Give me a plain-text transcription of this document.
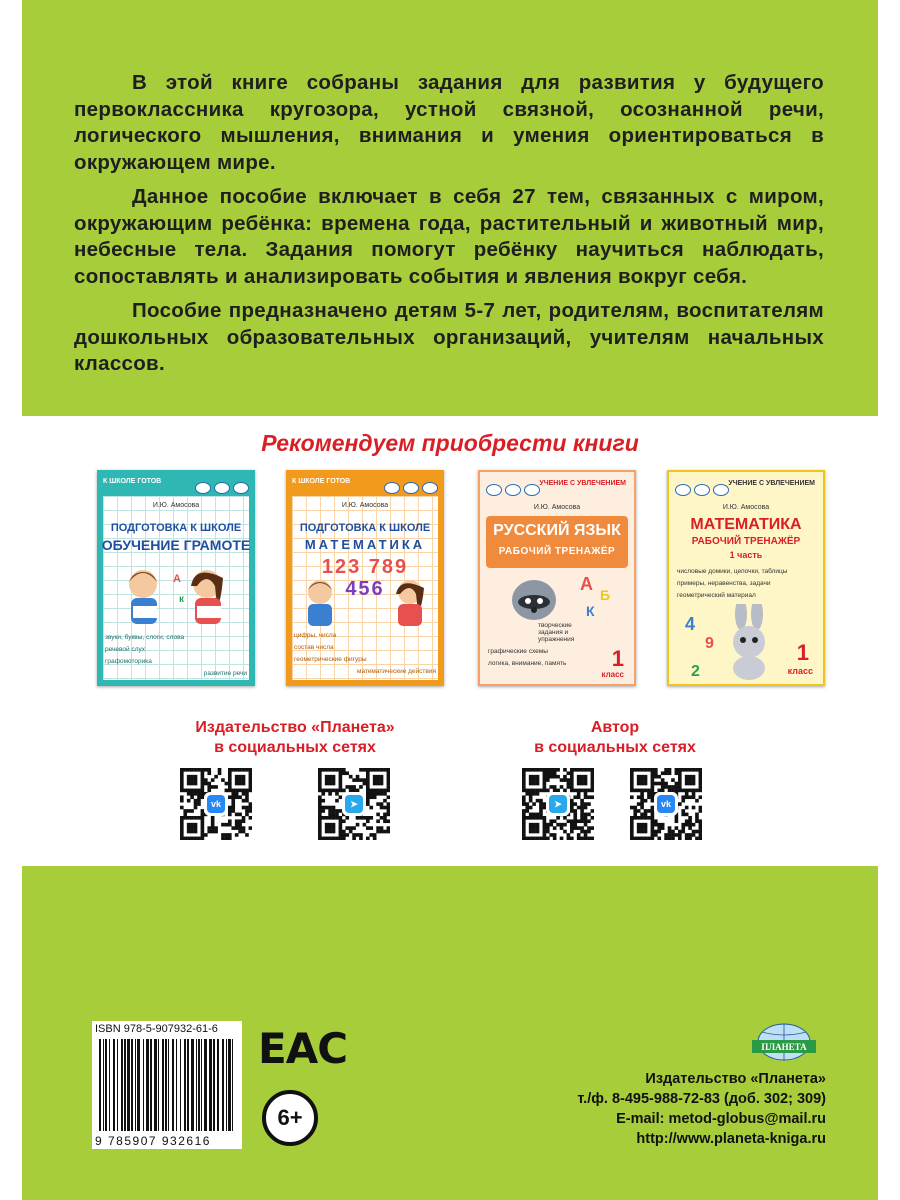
В этой книге собраны задания для развития у будущего первоклассника кругозора, устной связной, осознанной речи, логического мышления, внимания и умения ориентироваться в окружающем мире.

Данное пособие включает в себя 27 тем, связанных с миром, окружающим ребёнка: времена года, растительный и животный мир, небесные тела. Задания помогут ребёнку научиться наблюдать, сопоставлять и анализировать события и явления вокруг себя.

Пособие предназначено детям 5-7 лет, родителям, воспитателям дошкольных образовательных организаций, учителям начальных классов.

Рекомендуем приобрести книги
К ШКОЛЕ ГОТОВ
И.Ю. Амосова
ПОДГОТОВКА К ШКОЛЕ
ОБУЧЕНИЕ ГРАМОТЕ
А
к
звуки, буквы, слоги, слова
речевой слух
графомоторика
развитие речи
К ШКОЛЕ ГОТОВ
И.Ю. Амосова
ПОДГОТОВКА К ШКОЛЕ
МАТЕМАТИКА
123 789
456
цифры, числа
состав числа
геометрические фигуры
математические действия
УЧЕНИЕ С УВЛЕЧЕНИЕМ
И.Ю. Амосова
РУССКИЙ ЯЗЫК
РАБОЧИЙ ТРЕНАЖЁР
А
Б
К
творческие задания и упражнения
графические схемы
логика, внимание, память	1
класс
УЧЕНИЕ С УВЛЕЧЕНИЕМ
И.Ю. Амосова
МАТЕМАТИКА
РАБОЧИЙ ТРЕНАЖЁР
1 часть
числовые домики, цепочки, таблицы
примеры, неравенства, задачи
геометрический материал
4
9
2
1
класс
Издательство «Планета»
в социальных сетях
Автор
в социальных сетях
vk	➤	➤	vk
ISBN 978-5-907932-61-6
9 785907 932616
EAC
6+
ПЛАНЕТА
Издательство «Планета»
т./ф. 8-495-988-72-83 (доб. 302; 309)
E-mail: metod-globus@mail.ru
http://www.planeta-kniga.ru
